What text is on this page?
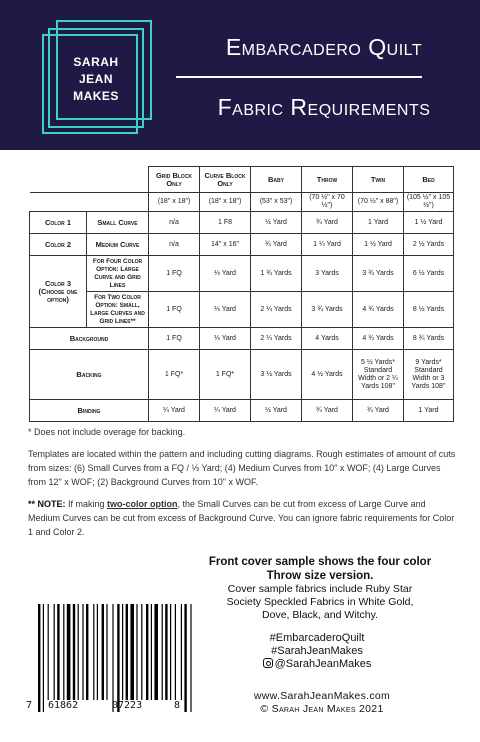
SARAH
JEAN
MAKES
Embarcadero Quilt
Fabric Requirements
		Grid Block Only	Curve Block Only	Baby	Throw	Twin	Bed
		(18" x 18")	(18" x 18")	(53" x 53")	(70 ½" x 70 ½")	(70 ½" x 88")	(105 ½" x 105 ½")
Color 1	Small Curve	n/a	1 F8	½ Yard	¾ Yard	1 Yard	1 ½ Yard
Color 2	Medium Curve	n/a	14" x 16"	¾ Yard	1 ¼ Yard	1 ½ Yard	2 ½ Yards
Color 3 (Choose one option)	For Four Color Option: Large Curve and Grid Lines	1 FQ	⅓ Yard	1 ¾ Yards	3 Yards	3 ¾ Yards	6 ½ Yards
	For Two Color Option: Small, Large Curves and Grid Lines**	1 FQ	⅓ Yard	2 ¼ Yards	3 ¾ Yards	4 ¾ Yards	8 ½ Yards
Background		1 FQ	⅓ Yard	2 ¼ Yards	4 Yards	4 ¾ Yards	8 ¾ Yards
Backing		1 FQ*	1 FQ*	3 ½ Yards	4 ½ Yards	5 ½ Yards* Standard Width or 2 ¼ Yards 108"	9 Yards* Standard Width or 3 Yards 108"
Binding		¼ Yard	¼ Yard	½ Yard	¾ Yard	¾ Yard	1 Yard

* Does not include overage for backing.

Templates are located within the pattern and including cutting diagrams. Rough estimates of amount of cuts from sizes: (6) Small Curves from a FQ / ⅓ Yard; (4) Medium Curves from 10" x WOF; (4) Large Curves from 12" x WOF; (2) Background Curves from 10" x WOF.

** NOTE: If making two-color option, the Small Curves can be cut from excess of Large Curve and Medium Curves can be cut from excess of Background Curve. You can ignore fabric requirements for Color 1 and Color 2.

Front cover sample shows the four color
Throw size version.
Cover sample fabrics include Ruby Star
Society Speckled Fabrics in White Gold,
Dove, Black, and Witchy.
#EmbarcaderoQuilt
#SarahJeanMakes
@SarahJeanMakes
www.SarahJeanMakes.com
© Sarah Jean Makes 2021
7 61862	07223	8
